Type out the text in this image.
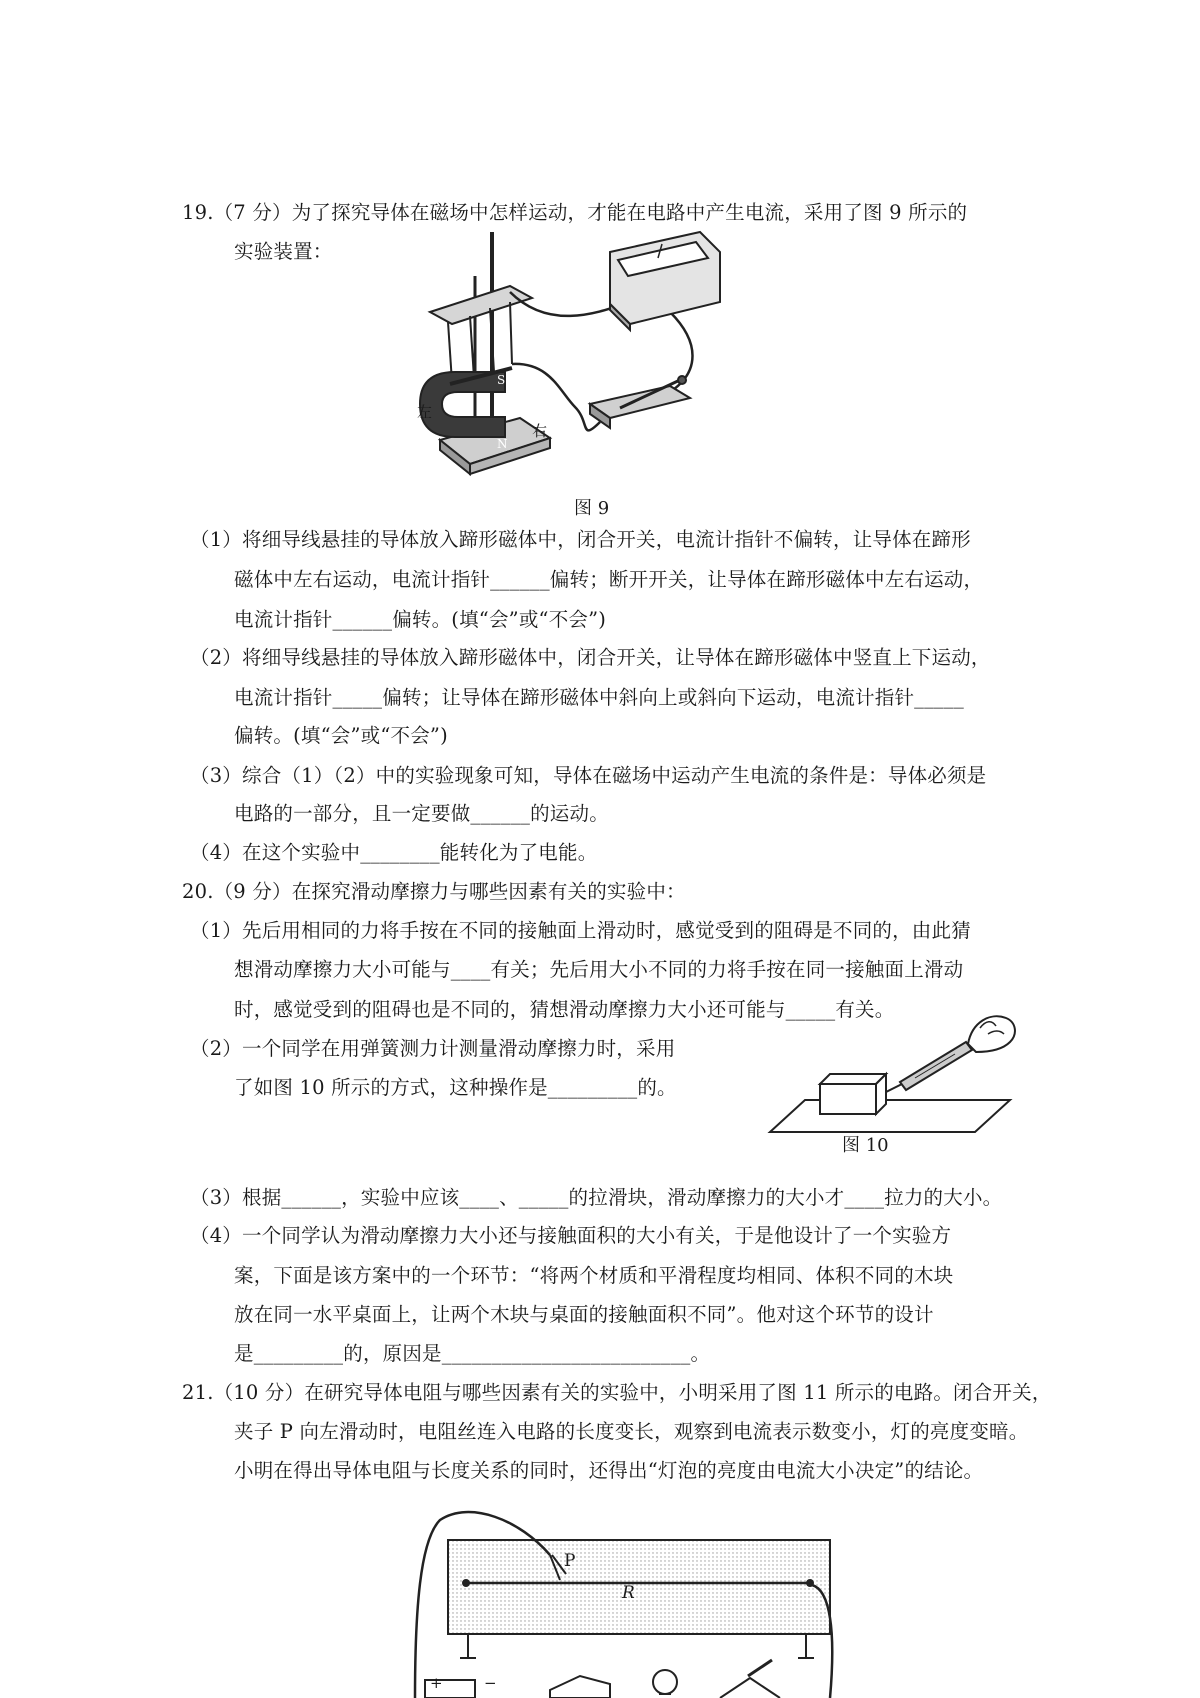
19.（7 分）为了探究导体在磁场中怎样运动，才能在电路中产生电流，采用了图 9 所示的
实验装置：
S
N
左
右
图 9
（1）将细导线悬挂的导体放入蹄形磁体中，闭合开关，电流计指针不偏转，让导体在蹄形
磁体中左右运动，电流计指针______偏转；断开开关，让导体在蹄形磁体中左右运动，
电流计指针______偏转。(填“会”或“不会”)
（2）将细导线悬挂的导体放入蹄形磁体中，闭合开关，让导体在蹄形磁体中竖直上下运动，
电流计指针_____偏转；让导体在蹄形磁体中斜向上或斜向下运动，电流计指针_____
偏转。(填“会”或“不会”)
（3）综合（1）（2）中的实验现象可知，导体在磁场中运动产生电流的条件是：导体必须是
电路的一部分，且一定要做______的运动。
（4）在这个实验中________能转化为了电能。
20.（9 分）在探究滑动摩擦力与哪些因素有关的实验中：
（1）先后用相同的力将手按在不同的接触面上滑动时，感觉受到的阻碍是不同的，由此猜
想滑动摩擦力大小可能与____有关；先后用大小不同的力将手按在同一接触面上滑动
时，感觉受到的阻碍也是不同的，猜想滑动摩擦力大小还可能与_____有关。
（2）一个同学在用弹簧测力计测量滑动摩擦力时，采用
了如图 10 所示的方式，这种操作是_________的。
图 10
（3）根据______，实验中应该____、_____的拉滑块，滑动摩擦力的大小才____拉力的大小。
（4）一个同学认为滑动摩擦力大小还与接触面积的大小有关，于是他设计了一个实验方
案，下面是该方案中的一个环节：“将两个材质和平滑程度均相同、体积不同的木块
放在同一水平桌面上，让两个木块与桌面的接触面积不同”。他对这个环节的设计
是_________的，原因是_________________________。
21.（10 分）在研究导体电阻与哪些因素有关的实验中，小明采用了图 11 所示的电路。闭合开关，
夹子 P 向左滑动时，电阻丝连入电路的长度变长，观察到电流表示数变小，灯的亮度变暗。
小明在得出导体电阻与长度关系的同时，还得出“灯泡的亮度由电流大小决定”的结论。
P
R
+	−
